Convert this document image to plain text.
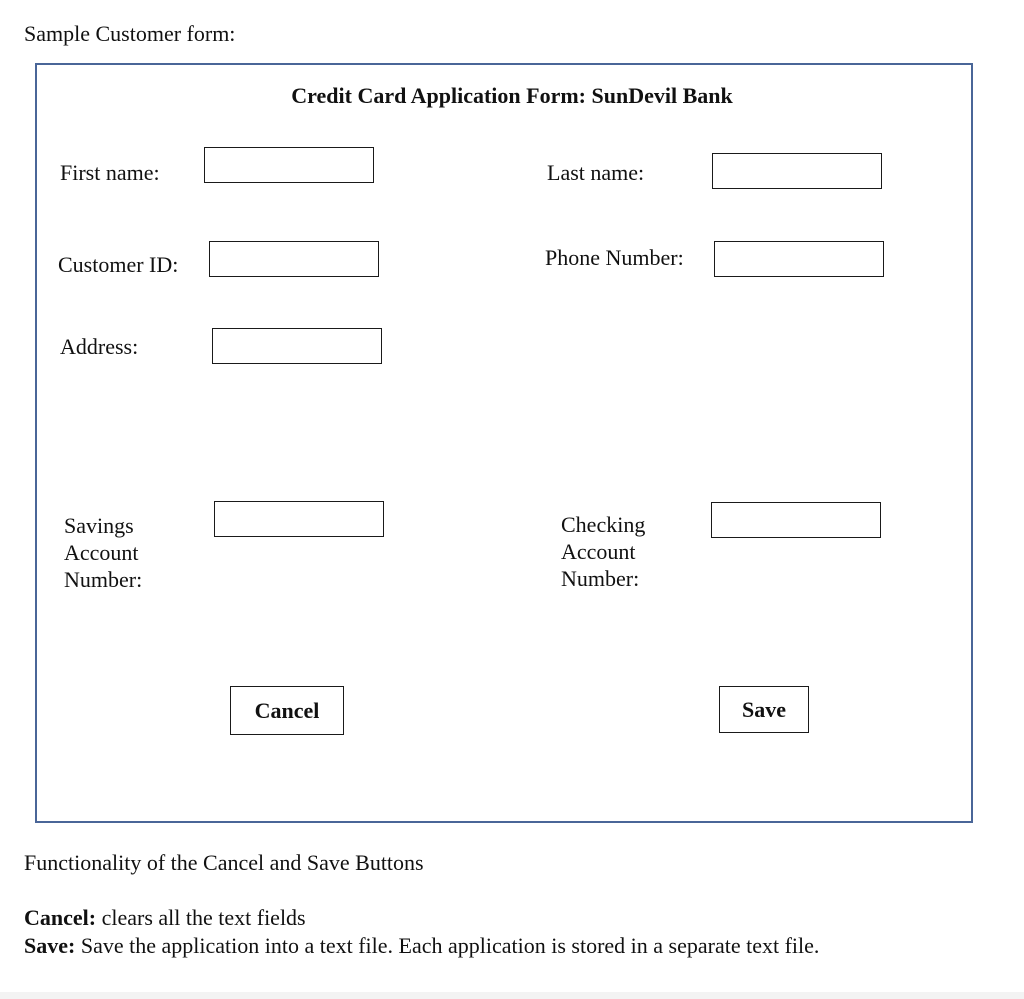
Sample Customer form:

Credit Card Application Form: SunDevil Bank

First name:	Last name:

Customer ID:	Phone Number:

Address:

Savings Account Number:

Checking Account Number:

Cancel	Save

Functionality of the Cancel and Save Buttons

Cancel: clears all the text fields

Save: Save the application into a text file. Each application is stored in a separate text file.
